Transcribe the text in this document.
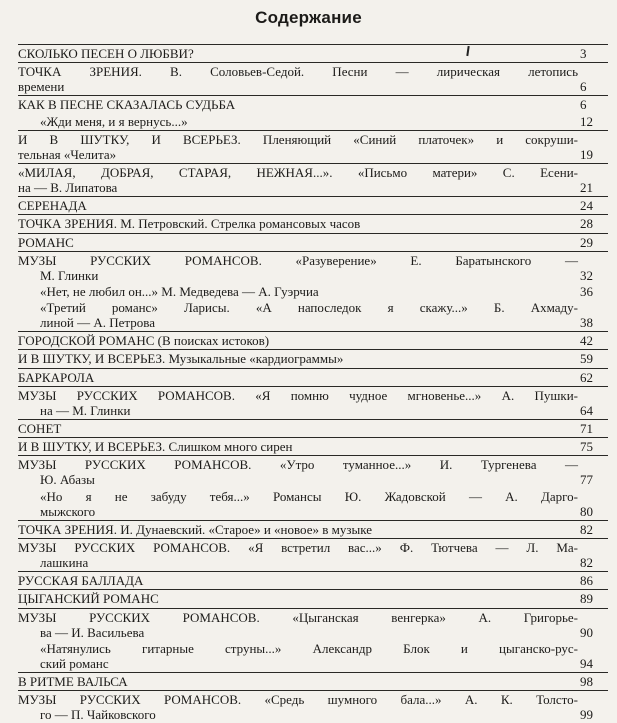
Содержание
СКОЛЬКО ПЕСЕН О ЛЮБВИ?	3
ТОЧКА ЗРЕНИЯ. В. Соловьев-Седой. Песни — лирическая летопись
времени	6
КАК В ПЕСНЕ СКАЗАЛАСЬ СУДЬБА	6
«Жди меня, и я вернусь...»	12
И В ШУТКУ, И ВСЕРЬЕЗ. Пленяющий «Синий платочек» и сокруши-
тельная «Челита»	19
«МИЛАЯ, ДОБРАЯ, СТАРАЯ, НЕЖНАЯ...». «Письмо матери» С. Есени-
на — В. Липатова	21
СЕРЕНАДА	24
ТОЧКА ЗРЕНИЯ. М. Петровский. Стрелка романсовых часов	28
РОМАНС	29
МУЗЫ РУССКИХ РОМАНСОВ. «Разуверение» Е. Баратынского —
М. Глинки	32
«Нет, не любил он...» М. Медведева — А. Гуэрчиа	36
«Третий романс» Ларисы. «А напоследок я скажу...» Б. Ахмаду-
линой — А. Петрова	38
ГОРОДСКОЙ РОМАНС (В поисках истоков)	42
И В ШУТКУ, И ВСЕРЬЕЗ. Музыкальные «кардиограммы»	59
БАРКАРОЛА	62
МУЗЫ РУССКИХ РОМАНСОВ. «Я помню чудное мгновенье...» А. Пушки-
на — М. Глинки	64
СОНЕТ	71
И В ШУТКУ, И ВСЕРЬЕЗ. Слишком много сирен	75
МУЗЫ РУССКИХ РОМАНСОВ. «Утро туманное...» И. Тургенева —
Ю. Абазы	77
«Но я не забуду тебя...» Романсы Ю. Жадовской — А. Дарго-
мыжского	80
ТОЧКА ЗРЕНИЯ. И. Дунаевский. «Старое» и «новое» в музыке	82
МУЗЫ РУССКИХ РОМАНСОВ. «Я встретил вас...» Ф. Тютчева — Л. Ма-
лашкина	82
РУССКАЯ БАЛЛАДА	86
ЦЫГАНСКИЙ РОМАНС	89
МУЗЫ РУССКИХ РОМАНСОВ. «Цыганская венгерка» А. Григорье-
ва — И. Васильева	90
«Натянулись гитарные струны...» Александр Блок и цыганско-рус-
ский романс	94
В РИТМЕ ВАЛЬСА	98
МУЗЫ РУССКИХ РОМАНСОВ. «Средь шумного бала...» А. К. Толсто-
го — П. Чайковского	99
